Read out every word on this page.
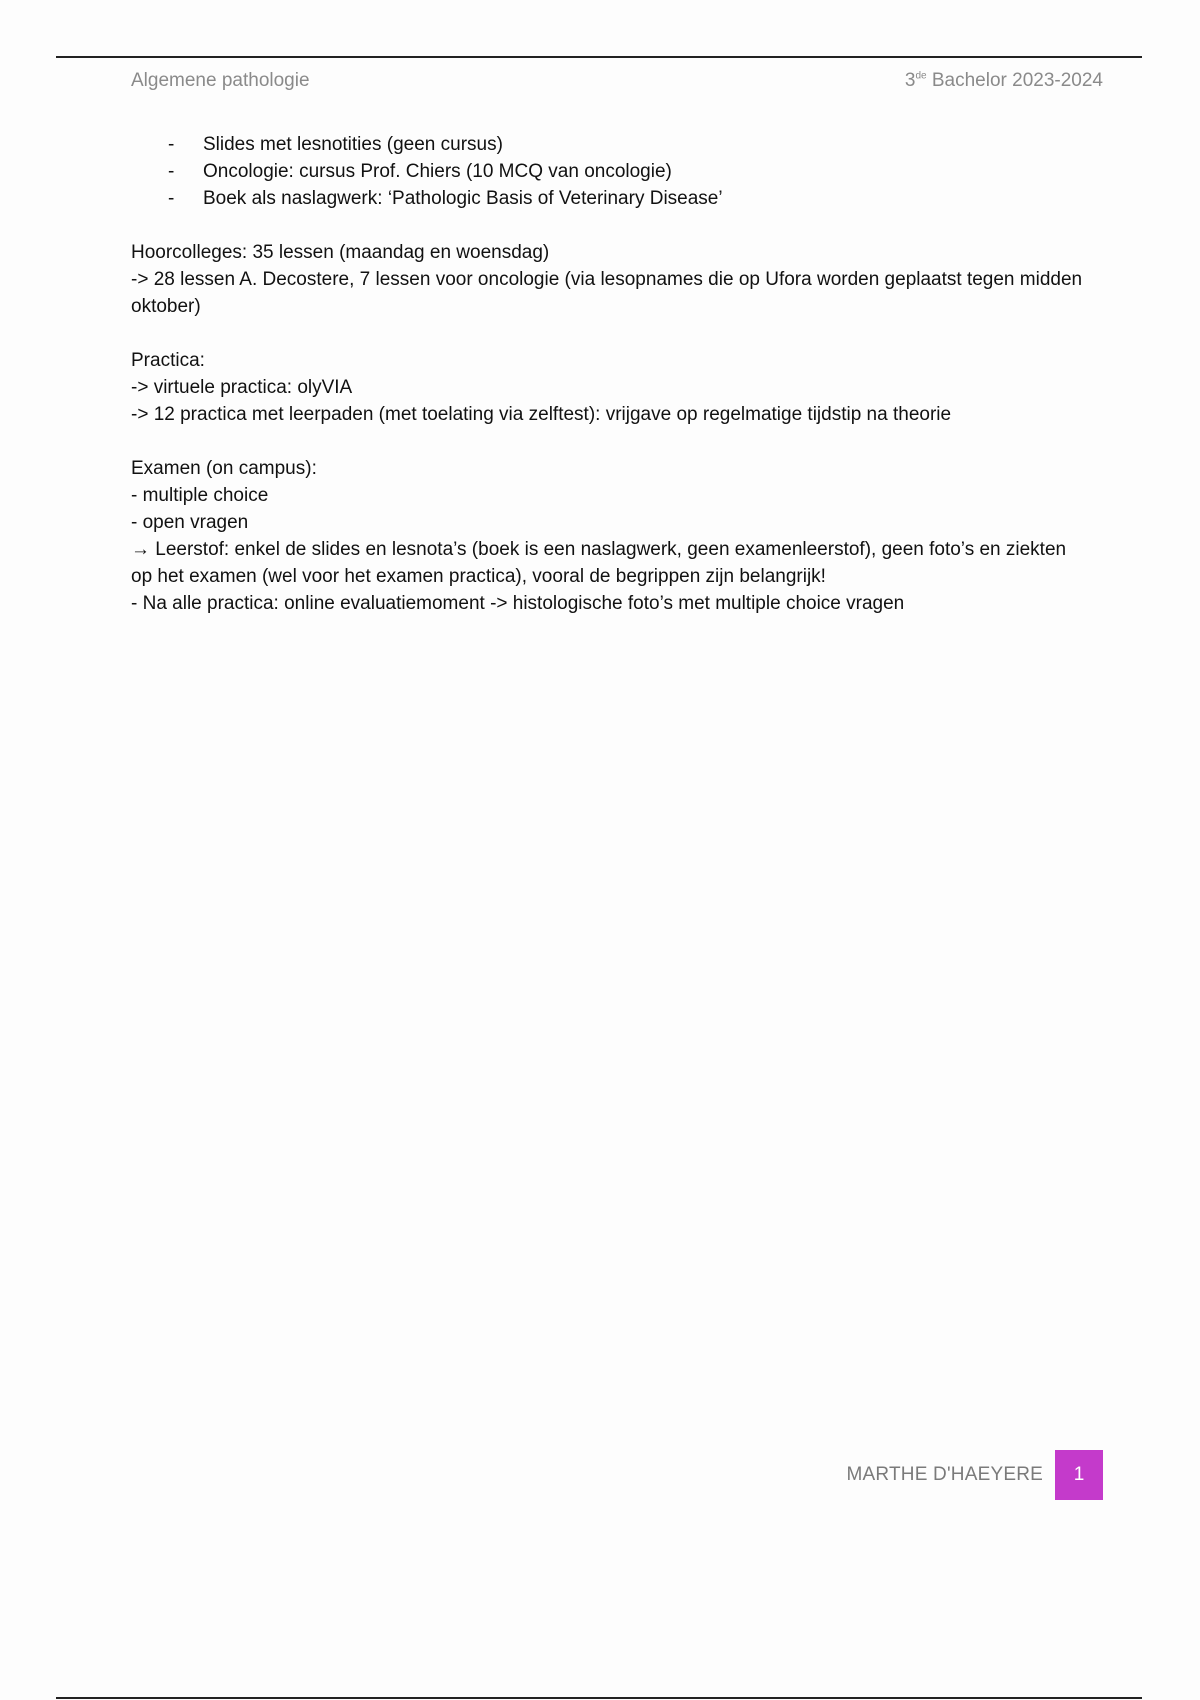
Algemene pathologie	3de Bachelor 2023-2024
- Slides met lesnotities (geen cursus)
- Oncologie: cursus Prof. Chiers (10 MCQ van oncologie)
- Boek als naslagwerk: ‘Pathologic Basis of Veterinary Disease’

Hoorcolleges: 35 lessen (maandag en woensdag)

-> 28 lessen A. Decostere, 7 lessen voor oncologie (via lesopnames die op Ufora worden geplaatst tegen midden oktober)

Practica:

-> virtuele practica: olyVIA

-> 12 practica met leerpaden (met toelating via zelftest): vrijgave op regelmatige tijdstip na theorie

Examen (on campus):

- multiple choice

- open vragen

→ Leerstof: enkel de slides en lesnota’s (boek is een naslagwerk, geen examenleerstof), geen foto’s en ziekten op het examen (wel voor het examen practica), vooral de begrippen zijn belangrijk!

- Na alle practica: online evaluatiemoment -> histologische foto’s met multiple choice vragen

MARTHE D'HAEYERE	1
